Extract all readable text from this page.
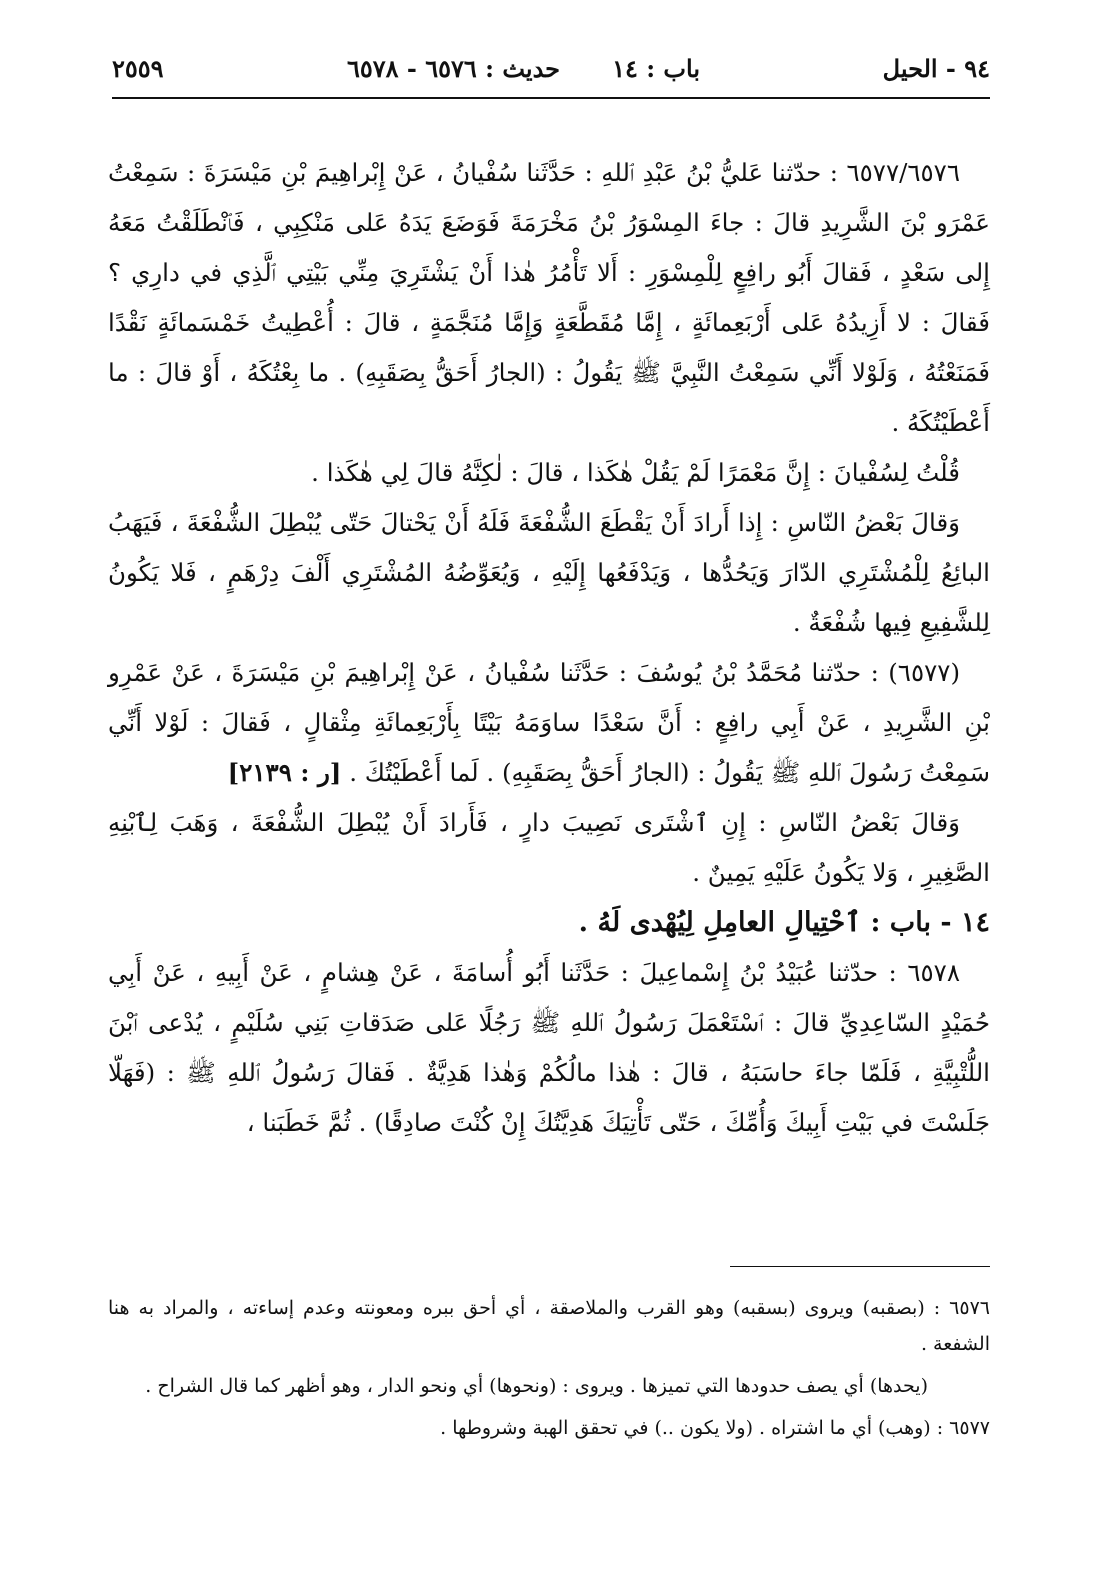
٩٤ - الحيل
باب : ١٤
حديث : ٦٥٧٦ - ٦٥٧٨
٢٥٥٩

٦٥٧٧/٦٥٧٦ : حدّثنا عَليُّ بْنُ عَبْدِ ٱللهِ : حَدَّثَنا سُفْيانُ ، عَنْ إِبْراهِيمَ بْنِ مَيْسَرَةَ : سَمِعْتُ عَمْرَو بْنَ الشَّرِيدِ قالَ : جاءَ المِسْوَرُ بْنُ مَخْرَمَةَ فَوَضَعَ يَدَهُ عَلى مَنْكِبِي ، فَٱنْطَلَقْتُ مَعَهُ إِلى سَعْدٍ ، فَقالَ أَبُو رافِعٍ لِلْمِسْوَرِ : أَلا تَأْمُرُ هٰذا أَنْ يَشْتَرِيَ مِنِّي بَيْتِي ٱلَّذِي في دارِي ؟ فَقالَ : لا أَزِيدُهُ عَلى أَرْبَعِمائَةٍ ، إِمَّا مُقَطَّعَةٍ وَإِمَّا مُنَجَّمَةٍ ، قالَ : أُعْطِيتُ خَمْسَمائَةٍ نَقْدًا فَمَنَعْتُهُ ، وَلَوْلا أَنِّي سَمِعْتُ النَّبِيَّ ﷺ يَقُولُ : (الجارُ أَحَقُّ بِصَقَبِهِ) . ما بِعْتُكَهُ ، أَوْ قالَ : ما أَعْطَيْتُكَهُ .

قُلْتُ لِسُفْيانَ : إِنَّ مَعْمَرًا لَمْ يَقُلْ هٰكَذا ، قالَ : لٰكِنَّهُ قالَ لِي هٰكَذا .

وَقالَ بَعْضُ النّاسِ : إِذا أَرادَ أَنْ يَقْطَعَ الشُّفْعَةَ فَلَهُ أَنْ يَحْتالَ حَتّى يُبْطِلَ الشُّفْعَةَ ، فَيَهَبُ البائِعُ لِلْمُشْتَرِي الدّارَ وَيَحُدُّها ، وَيَدْفَعُها إِلَيْهِ ، وَيُعَوِّضُهُ المُشْتَرِي أَلْفَ دِرْهَمٍ ، فَلا يَكُونُ لِلشَّفِيعِ فِيها شُفْعَةٌ .

(٦٥٧٧) : حدّثنا مُحَمَّدُ بْنُ يُوسُفَ : حَدَّثَنا سُفْيانُ ، عَنْ إِبْراهِيمَ بْنِ مَيْسَرَةَ ، عَنْ عَمْرِو بْنِ الشَّرِيدِ ، عَنْ أَبِي رافِعٍ : أَنَّ سَعْدًا ساوَمَهُ بَيْتًا بِأَرْبَعِمائَةِ مِثْقالٍ ، فَقالَ : لَوْلا أَنِّي سَمِعْتُ رَسُولَ ٱللهِ ﷺ يَقُولُ : (الجارُ أَحَقُّ بِصَقَبِهِ) . لَما أَعْطَيْتُكَ . [ر : ٢١٣٩]

وَقالَ بَعْضُ النّاسِ : إِنِ ٱشْتَرى نَصِيبَ دارٍ ، فَأَرادَ أَنْ يُبْطِلَ الشُّفْعَةَ ، وَهَبَ لِٱبْنِهِ الصَّغِيرِ ، وَلا يَكُونُ عَلَيْهِ يَمِينٌ .

١٤ - باب : ٱحْتِيالِ العامِلِ لِيُهْدى لَهُ .

٦٥٧٨ : حدّثنا عُبَيْدُ بْنُ إِسْماعِيلَ : حَدَّثَنا أَبُو أُسامَةَ ، عَنْ هِشامٍ ، عَنْ أَبِيهِ ، عَنْ أَبِي حُمَيْدٍ السّاعِدِيِّ قالَ : ٱسْتَعْمَلَ رَسُولُ ٱللهِ ﷺ رَجُلًا عَلى صَدَقاتِ بَنِي سُلَيْمٍ ، يُدْعى ٱبْنَ اللُّتْبِيَّةِ ، فَلَمّا جاءَ حاسَبَهُ ، قالَ : هٰذا مالُكُمْ وَهٰذا هَدِيَّةٌ . فَقالَ رَسُولُ ٱللهِ ﷺ : (فَهَلّا جَلَسْتَ في بَيْتِ أَبِيكَ وَأُمِّكَ ، حَتّى تَأْتِيَكَ هَدِيَّتُكَ إِنْ كُنْتَ صادِقًا) . ثُمَّ خَطَبَنا ،

٦٥٧٦ : (بصقبه) ويروى (بسقبه) وهو القرب والملاصقة ، أي أحق ببره ومعونته وعدم إساءته ، والمراد به هنا الشفعة .

(يحدها) أي يصف حدودها التي تميزها . ويروى : (ونحوها) أي ونحو الدار ، وهو أظهر كما قال الشراح .

٦٥٧٧ : (وهب) أي ما اشتراه . (ولا يكون ..) في تحقق الهبة وشروطها .
